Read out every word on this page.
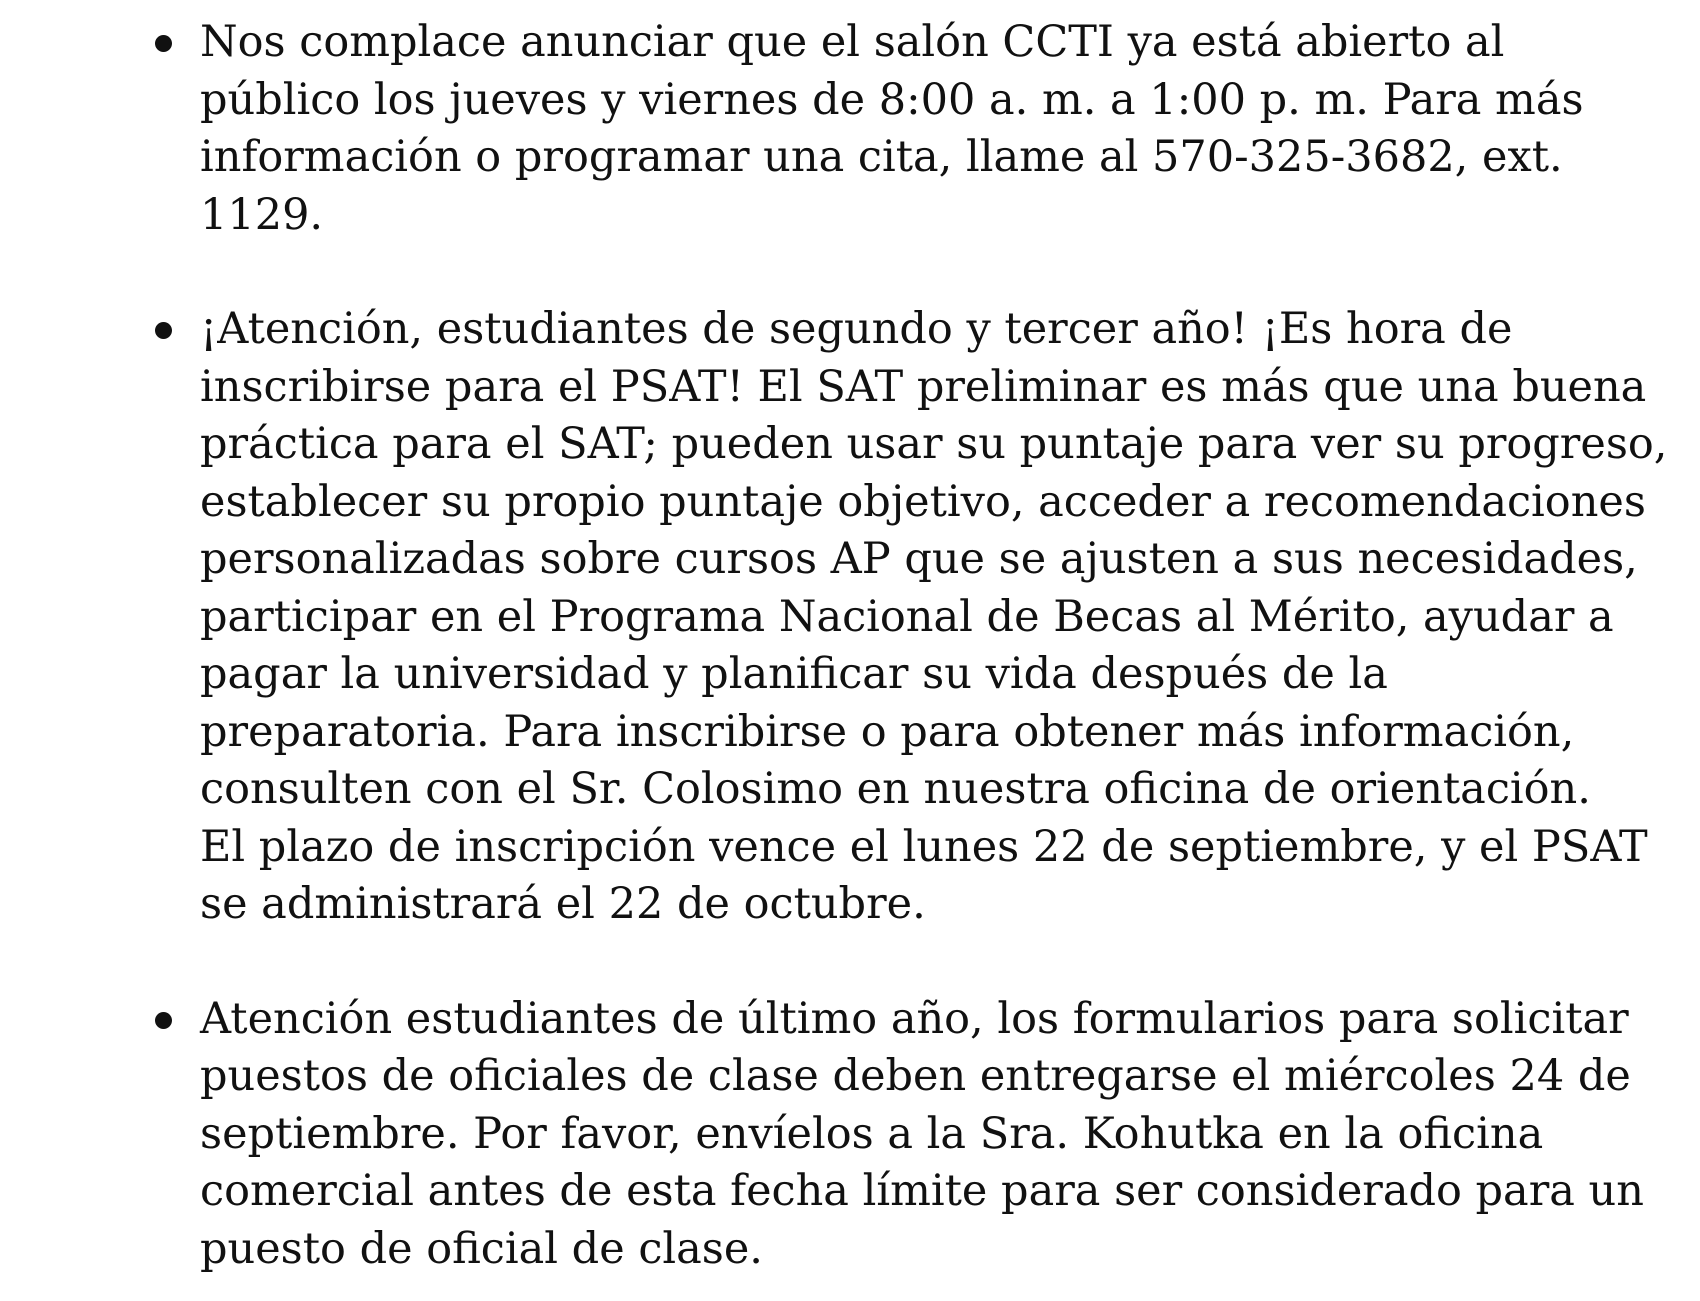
Nos complace anunciar que el salón CCTI ya está abierto al
público los jueves y viernes de 8:00 a. m. a 1:00 p. m. Para más
información o programar una cita, llame al 570-325-3682, ext.
1129.
¡Atención, estudiantes de segundo y tercer año! ¡Es hora de
inscribirse para el PSAT! El SAT preliminar es más que una buena
práctica para el SAT; pueden usar su puntaje para ver su progreso,
establecer su propio puntaje objetivo, acceder a recomendaciones
personalizadas sobre cursos AP que se ajusten a sus necesidades,
participar en el Programa Nacional de Becas al Mérito, ayudar a
pagar la universidad y planificar su vida después de la
preparatoria. Para inscribirse o para obtener más información,
consulten con el Sr. Colosimo en nuestra oficina de orientación.
El plazo de inscripción vence el lunes 22 de septiembre, y el PSAT
se administrará el 22 de octubre.
Atención estudiantes de último año, los formularios para solicitar
puestos de oficiales de clase deben entregarse el miércoles 24 de
septiembre. Por favor, envíelos a la Sra. Kohutka en la oficina
comercial antes de esta fecha límite para ser considerado para un
puesto de oficial de clase.
